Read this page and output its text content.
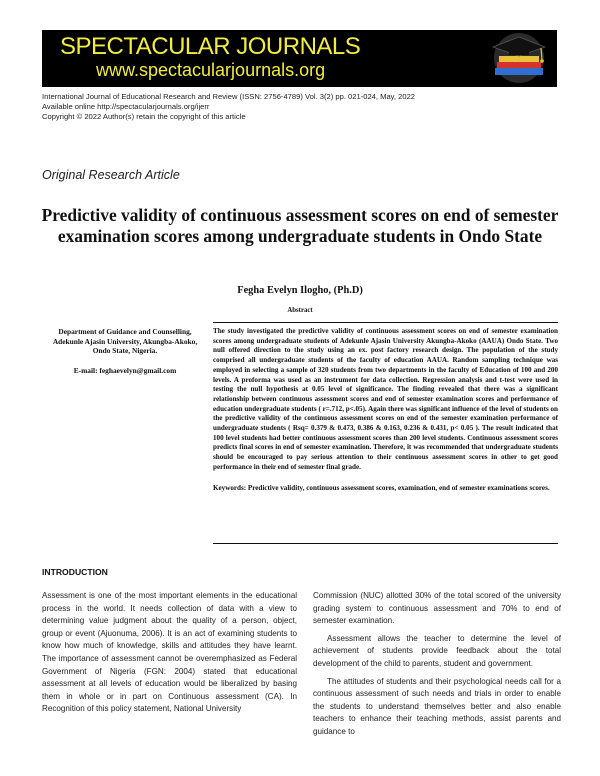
SPECTACULAR JOURNALS
www.spectacularjournals.org
International Journal of Educational Research and Review (ISSN: 2756-4789) Vol. 3(2) pp. 021-024, May, 2022
Available online http://spectacularjournals.org/ijerr
Copyright © 2022 Author(s) retain the copyright of this article
Original Research Article
Predictive validity of continuous assessment scores on end of semester examination scores among undergraduate students in Ondo State
Fegha Evelyn Ilogho, (Ph.D)
Abstract
Department of Guidance and Counselling, Adekunle Ajasin University, Akungba-Akoko, Ondo State, Nigeria.
E-mail: feghaevelyn@gmail.com

The study investigated the predictive validity of continuous assessment scores on end of semester examination scores among undergraduate students of Adekunle Ajasin University Akungba-Akoko (AAUA) Ondo State. Two null offered direction to the study using an ex. post factory research design. The population of the study comprised all undergraduate students of the faculty of education AAUA. Random sampling technique was employed in selecting a sample of 320 students from two departments in the faculty of Education of 100 and 200 levels. A proforma was used as an instrument for data collection. Regression analysis and t-test were used in testing the null hypothesis at 0.05 level of significance. The finding revealed that there was a significant relationship between continuous assessment scores and end of semester examination scores and performance of education undergraduate students ( r=.712, p<.05). Again there was significant influence of the level of students on the predictive validity of the continuous assessment scores on end of the semester examination performance of undergraduate students ( Rsq= 0.379 & 0.473, 0.386 & 0.163, 0.236 & 0.431, p< 0.05 ). The result indicated that 100 level students had better continuous assessment scores than 200 level students. Continuous assessment scores predicts final scores in end of semester examination. Therefore, it was recommended that undergraduate students should be encouraged to pay serious attention to their continuous assessment scores in other to get good performance in their end of semester final grade.

Keywords: Predictive validity, continuous assessment scores, examination, end of semester examinations scores.

INTRODUCTION

Assessment is one of the most important elements in the educational process in the world. It needs collection of data with a view to determining value judgment about the quality of a person, object, group or event (Ajuonuma, 2006). It is an act of examining students to know how much of knowledge, skills and attitudes they have learnt. The importance of assessment cannot be overemphasized as Federal Government of Nigeria (FGN: 2004) stated that educational assessment at all levels of education would be liberalized by basing them in whole or in part on Continuous assessment (CA). In Recognition of this policy statement, National University

Commission (NUC) allotted 30% of the total scored of the university grading system to continuous assessment and 70% to end of semester examination.

Assessment allows the teacher to determine the level of achievement of students provide feedback about the total development of the child to parents, student and government.

The attitudes of students and their psychological needs call for a continuous assessment of such needs and trials in order to enable the students to understand themselves better and also enable teachers to enhance their teaching methods, assist parents and guidance to
